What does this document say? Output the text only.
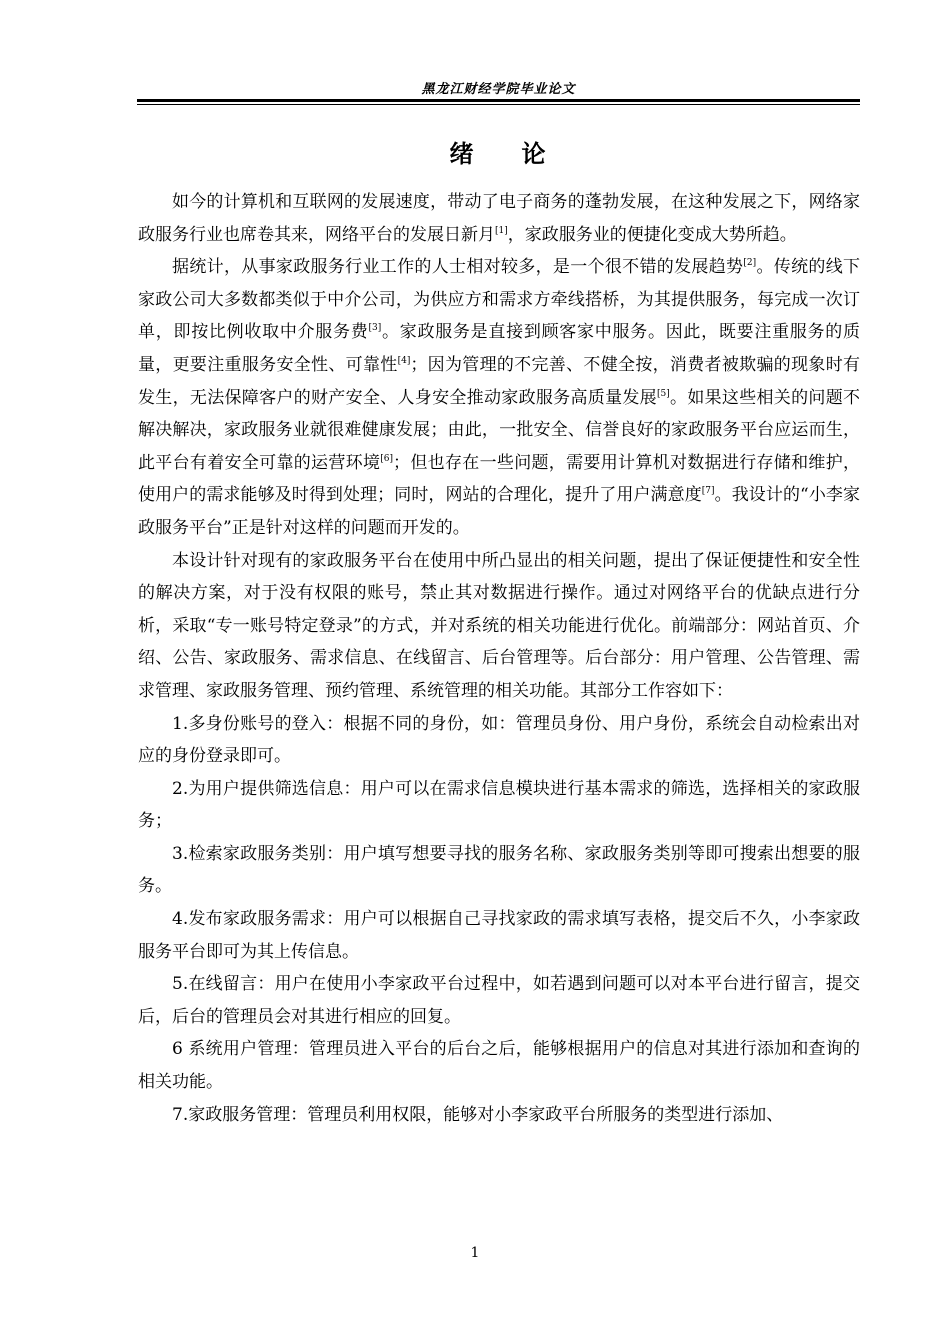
黑龙江财经学院毕业论文
绪 论

如今的计算机和互联网的发展速度，带动了电子商务的蓬勃发展，在这种发展之下，网络家政服务行业也席卷其来，网络平台的发展日新月[1]，家政服务业的便捷化变成大势所趋。

据统计，从事家政服务行业工作的人士相对较多，是一个很不错的发展趋势[2]。传统的线下家政公司大多数都类似于中介公司，为供应方和需求方牵线搭桥，为其提供服务，每完成一次订单，即按比例收取中介服务费[3]。家政服务是直接到顾客家中服务。因此，既要注重服务的质量，更要注重服务安全性、可靠性[4]；因为管理的不完善、不健全按，消费者被欺骗的现象时有发生，无法保障客户的财产安全、人身安全推动家政服务高质量发展[5]。如果这些相关的问题不解决解决，家政服务业就很难健康发展；由此，一批安全、信誉良好的家政服务平台应运而生，此平台有着安全可靠的运营环境[6]；但也存在一些问题，需要用计算机对数据进行存储和维护，使用户的需求能够及时得到处理；同时，网站的合理化，提升了用户满意度[7]。我设计的“小李家政服务平台”正是针对这样的问题而开发的。

本设计针对现有的家政服务平台在使用中所凸显出的相关问题，提出了保证便捷性和安全性的解决方案，对于没有权限的账号，禁止其对数据进行操作。通过对网络平台的优缺点进行分析，采取“专一账号特定登录”的方式，并对系统的相关功能进行优化。前端部分：网站首页、介绍、公告、家政服务、需求信息、在线留言、后台管理等。后台部分：用户管理、公告管理、需求管理、家政服务管理、预约管理、系统管理的相关功能。其部分工作容如下：

1.多身份账号的登入：根据不同的身份，如：管理员身份、用户身份，系统会自动检索出对应的身份登录即可。

2.为用户提供筛选信息：用户可以在需求信息模块进行基本需求的筛选，选择相关的家政服务；

3.检索家政服务类别：用户填写想要寻找的服务名称、家政服务类别等即可搜索出想要的服务。

4.发布家政服务需求：用户可以根据自己寻找家政的需求填写表格，提交后不久，小李家政服务平台即可为其上传信息。

5.在线留言：用户在使用小李家政平台过程中，如若遇到问题可以对本平台进行留言，提交后，后台的管理员会对其进行相应的回复。

6 系统用户管理：管理员进入平台的后台之后，能够根据用户的信息对其进行添加和查询的相关功能。

7.家政服务管理：管理员利用权限，能够对小李家政平台所服务的类型进行添加、

1
